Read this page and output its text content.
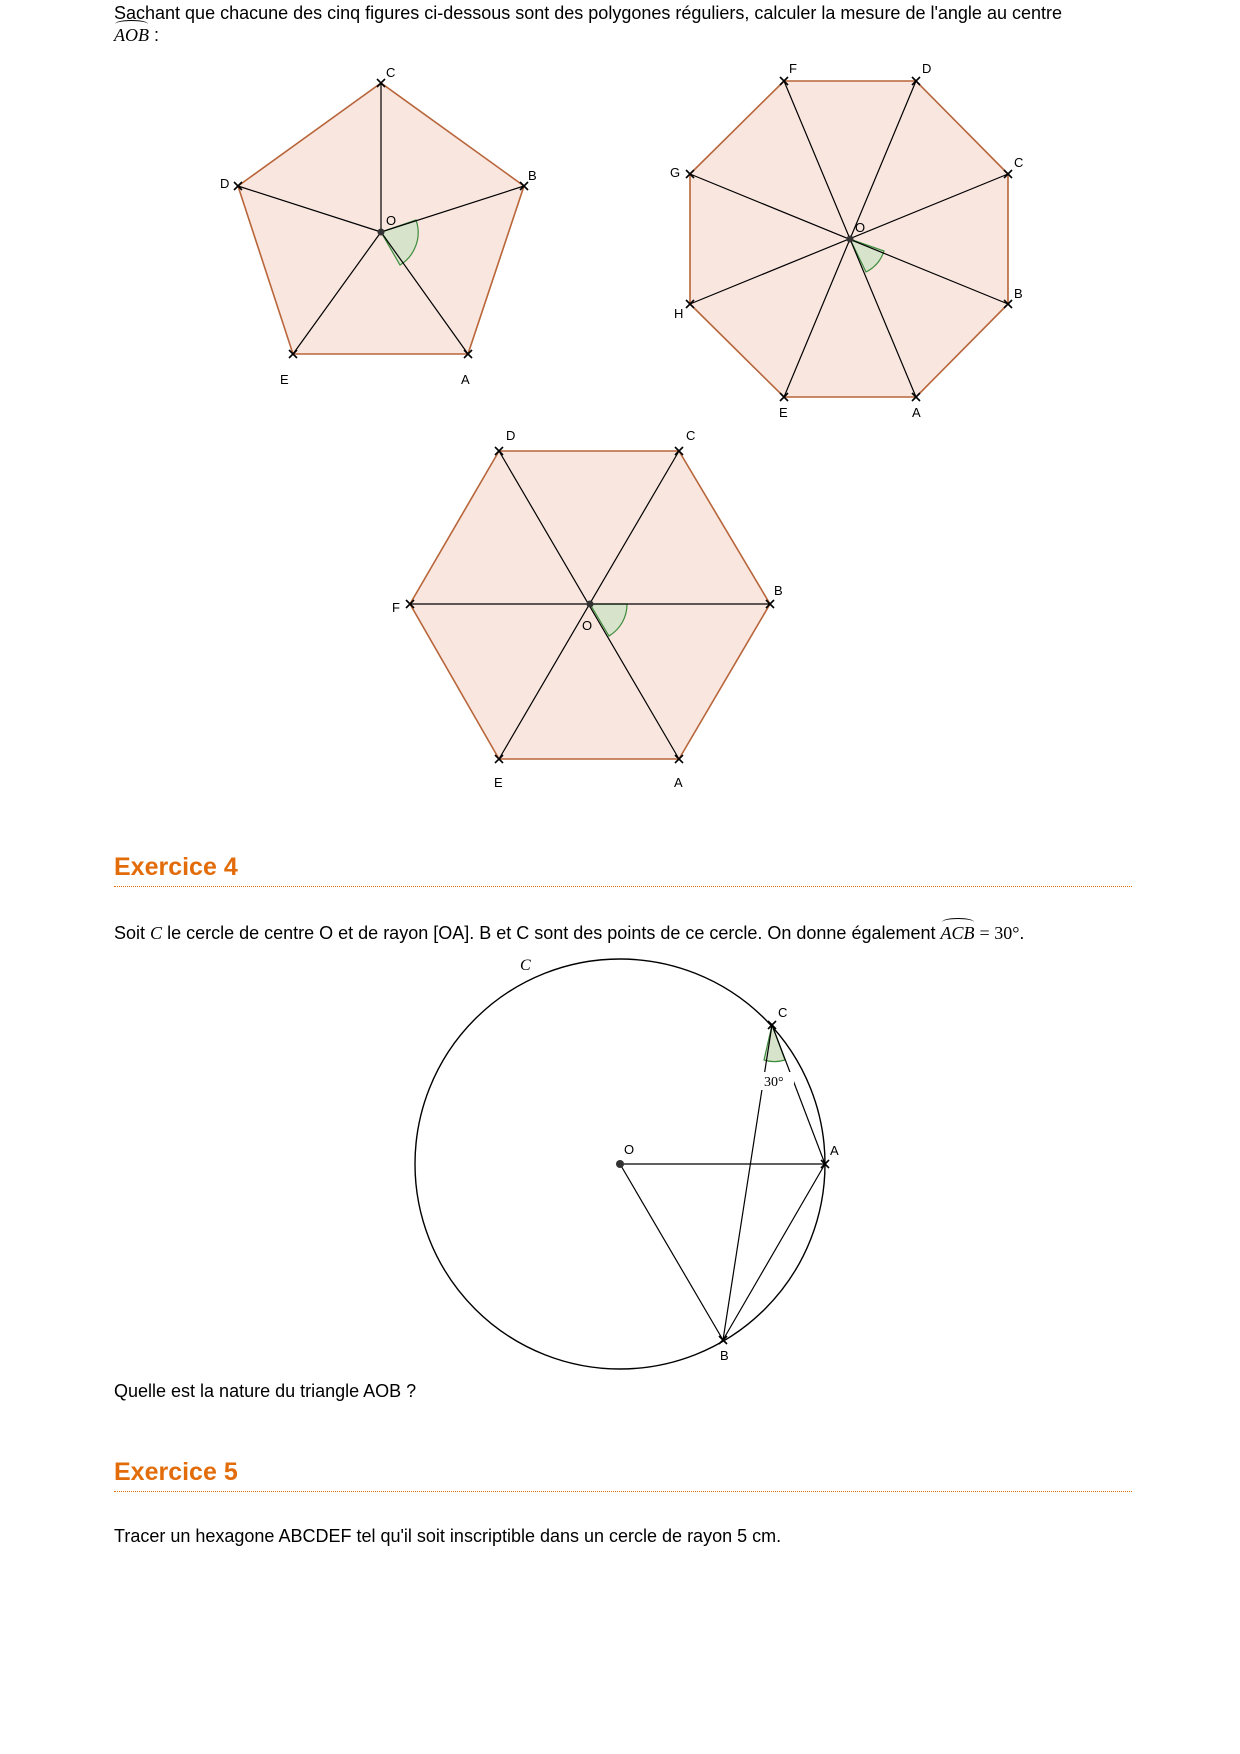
Sachant que chacune des cinq figures ci-dessous sont des polygones réguliers, calculer la mesure de l'angle au centre
AOB :

A
B
C
D
E
O
A
B
C
D
F
G
H
E
O
A
B
C
D
E
F
O
C
O	A
B
C
30°
Exercice 4

Soit C le cercle de centre O et de rayon [OA]. B et C sont des points de ce cercle. On donne également ACB = 30°.

Quelle est la nature du triangle AOB ?

Exercice 5

Tracer un hexagone ABCDEF tel qu'il soit inscriptible dans un cercle de rayon 5 cm.
